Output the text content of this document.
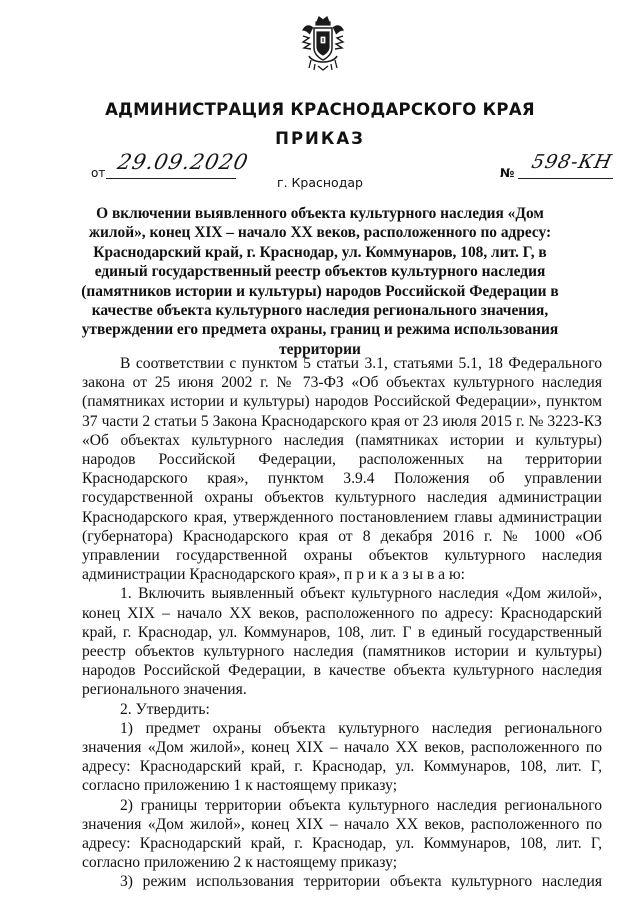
АДМИНИСТРАЦИЯ КРАСНОДАРСКОГО КРАЯ
ПРИКАЗ
от 29.09.2020	№ 598-КН
г. Краснодар
О включении выявленного объекта культурного наследия «Дом жилой», конец XIX – начало XX веков, расположенного по адресу: Краснодарский край, г. Краснодар, ул. Коммунаров, 108, лит. Г, в единый государственный реестр объектов культурного наследия (памятников истории и культуры) народов Российской Федерации в качестве объекта культурного наследия регионального значения, утверждении его предмета охраны, границ и режима использования территории

В соответствии с пунктом 5 статьи 3.1, статьями 5.1, 18 Федерального закона от 25 июня 2002 г. № 73-ФЗ «Об объектах культурного наследия (памятниках истории и культуры) народов Российской Федерации», пунктом 37 части 2 статьи 5 Закона Краснодарского края от 23 июля 2015 г. № 3223-КЗ «Об объектах культурного наследия (памятниках истории и культуры) народов Российской Федерации, расположенных на территории Краснодарского края», пунктом 3.9.4 Положения об управлении государственной охраны объектов культурного наследия администрации Краснодарского края, утвержденного постановлением главы администрации (губернатора) Краснодарского края от 8 декабря 2016 г. № 1000 «Об управлении государственной охраны объектов культурного наследия администрации Краснодарского края», п р и к а з ы в а ю:

1. Включить выявленный объект культурного наследия «Дом жилой», конец XIX – начало XX веков, расположенного по адресу: Краснодарский край, г. Краснодар, ул. Коммунаров, 108, лит. Г в единый государственный реестр объектов культурного наследия (памятников истории и культуры) народов Российской Федерации, в качестве объекта культурного наследия регионального значения.

2. Утвердить:

1) предмет охраны объекта культурного наследия регионального значения «Дом жилой», конец XIX – начало XX веков, расположенного по адресу: Краснодарский край, г. Краснодар, ул. Коммунаров, 108, лит. Г, согласно приложению 1 к настоящему приказу;

2) границы территории объекта культурного наследия регионального значения «Дом жилой», конец XIX – начало XX веков, расположенного по адресу: Краснодарский край, г. Краснодар, ул. Коммунаров, 108, лит. Г, согласно приложению 2 к настоящему приказу;

3) режим использования территории объекта культурного наследия
